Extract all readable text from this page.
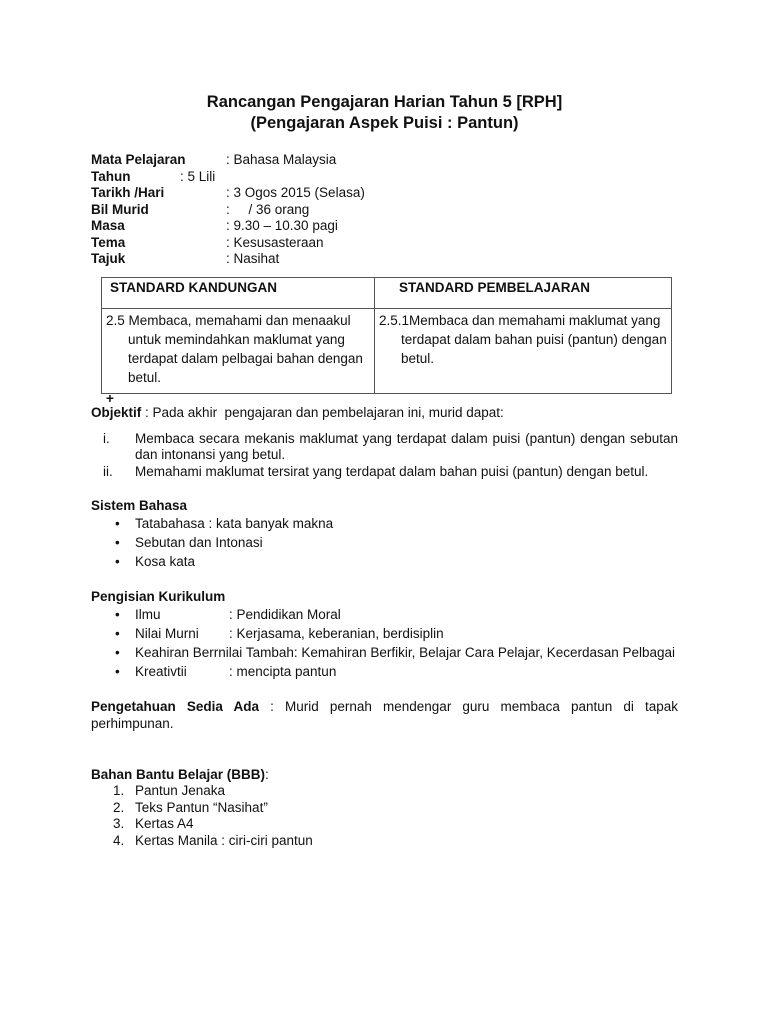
Rancangan Pengajaran Harian Tahun 5 [RPH]

(Pengajaran Aspek Puisi : Pantun)

Mata Pelajaran	: Bahasa Malaysia
Tahun	: 5 Lili
Tarikh /Hari	: 3 Ogos 2015 (Selasa)
Bil Murid	:     / 36 orang
Masa	: 9.30 – 10.30 pagi
Tema	: Kesusasteraan
Tajuk	: Nasihat
STANDARD KANDUNGAN	STANDARD PEMBELAJARAN

2.5 Membaca, memahami dan menaakul untuk memindahkan maklumat yang terdapat dalam pelbagai bahan dengan betul.	2.5.1Membaca dan memahami maklumat yang terdapat dalam bahan puisi (pantun) dengan betul.
+
Objektif : Pada akhir  pengajaran dan pembelajaran ini, murid dapat:
i.	Membaca secara mekanis maklumat yang terdapat dalam puisi (pantun) dengan sebutan dan intonansi yang betul.
ii.	Memahami maklumat tersirat yang terdapat dalam bahan puisi (pantun) dengan betul.
Sistem Bahasa
•	Tatabahasa : kata banyak makna
•	Sebutan dan Intonasi
•	Kosa kata
Pengisian Kurikulum
•	Ilmu	: Pendidikan Moral
•	Nilai Murni : Kerjasama, keberanian, berdisiplin
•	Keahiran Berrnilai Tambah: Kemahiran Berfikir, Belajar Cara Pelajar, Kecerdasan Pelbagai
•	Kreativtii	: mencipta pantun
Pengetahuan Sedia Ada : Murid pernah mendengar guru membaca pantun di tapak perhimpunan.
Bahan Bantu Belajar (BBB):
1. Pantun Jenaka
2. Teks Pantun “Nasihat”
3. Kertas A4
4. Kertas Manila : ciri-ciri pantun
